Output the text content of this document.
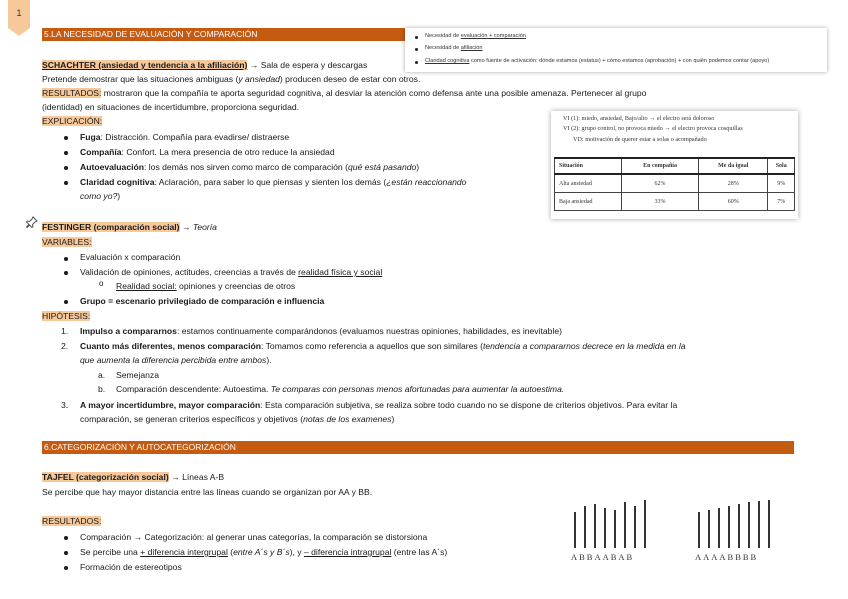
1
5.LA NECESIDAD DE EVALUACIÓN Y COMPARACIÓN	Necesidad de evaluación + comparación
Necesidad de afiliación
Claridad cognitiva como fuente de activación: dónde estamos (estatus) + cómo estamos (aprobación) + con quién podemos contar (apoyo)
SCHACHTER (ansiedad y tendencia a la afiliación) → Sala de espera y descargas
Pretende demostrar que las situaciones ambiguas (y ansiedad) producen deseo de estar con otros.
RESULTADOS: mostraron que la compañía te aporta seguridad cognitiva, al desviar la atención como defensa ante una posible amenaza. Pertenecer al grupo
(identidad) en situaciones de incertidumbre, proporciona seguridad.
EXPLICACIÓN:
Fuga: Distracción. Compañía para evadirse/ distraerse
Compañía: Confort. La mera presencia de otro reduce la ansiedad
Autoevaluación: los demás nos sirven como marco de comparación (qué está pasando)
Claridad cognitiva: Aclaración, para saber lo que piensas y sienten los demás (¿están reaccionando
como yo?)
VI (1): miedo, ansiedad, Bajo/alto → el electro será doloroso
VI (2): grupo control, no provoca miedo → el electro provoca cosquillas
VD: motivación de querer estar a solas o acompañado
Situación	En compañía	Me da igual	Sola
Alta ansiedad	62%	28%	9%
Baja ansiedad	33%	60%	7%
FESTINGER (comparación social) → Teoría
VARIABLES:
Evaluación x comparación
Validación de opiniones, actitudes, creencias a través de realidad física y social
o Realidad social: opiniones y creencias de otros
Grupo = escenario privilegiado de comparación e influencia
HIPÓTESIS:
1. Impulso a compararnos: estamos continuamente comparándonos (evaluamos nuestras opiniones, habilidades, es inevitable)
2. Cuanto más diferentes, menos comparación: Tomamos como referencia a aquellos que son similares (tendencia a compararnos decrece en la medida en la
que aumenta la diferencia percibida entre ambos).
a. Semejanza
b. Comparación descendente: Autoestima. Te comparas con personas menos afortunadas para aumentar la autoestima.
3. A mayor incertidumbre, mayor comparación: Esta comparación subjetiva, se realiza sobre todo cuando no se dispone de criterios objetivos. Para evitar la
comparación, se generan criterios específicos y objetivos (notas de los examenes)
6.CATEGORIZACIÓN Y AUTOCATEGORIZACIÓN
TAJFEL (categorización social) → Líneas A-B
Se percibe que hay mayor distancia entre las líneas cuando se organizan por AA y BB.
RESULTADOS:
Comparación → Categorización: al generar unas categorías, la comparación se distorsiona
Se percibe una + diferencia intergrupal (entre A´s y B´s), y – diferencia intragrupal (entre las A´s)
Formación de estereotipos
ABBAABAB	AAAABBBB
